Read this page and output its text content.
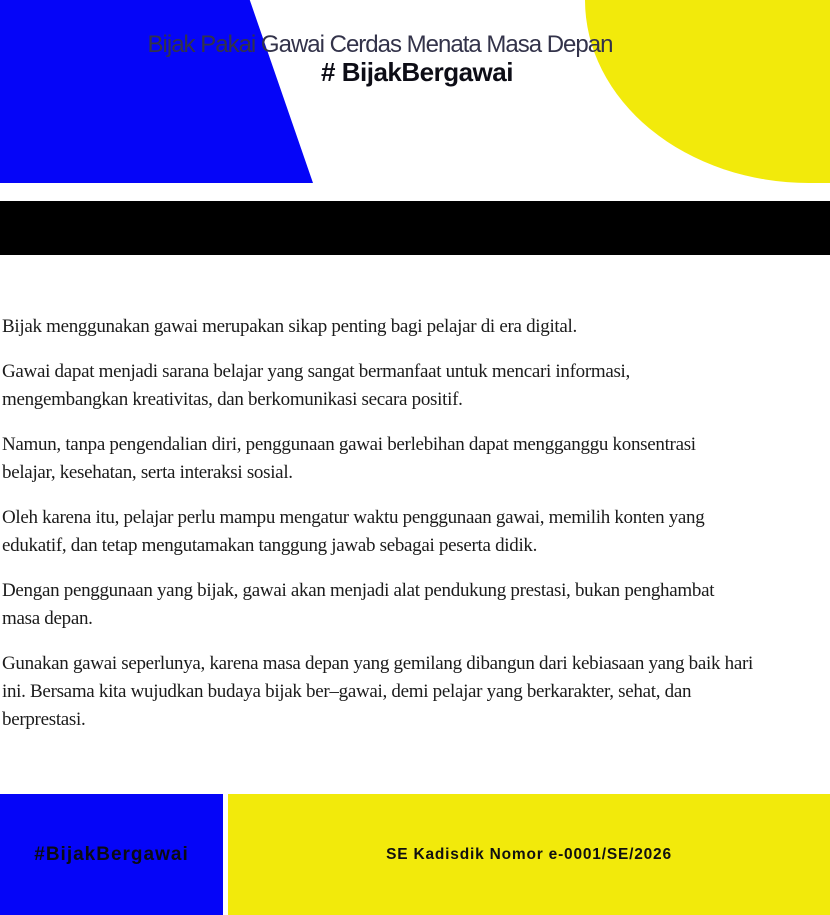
Bijak Pakai Gawai Cerdas Menata Masa Depan
# BijakBergawai
Bijak menggunakan gawai merupakan sikap penting bagi pelajar di era digital.
Gawai dapat menjadi sarana belajar yang sangat bermanfaat untuk mencari informasi,
mengembangkan kreativitas, dan berkomunikasi secara positif.
Namun, tanpa pengendalian diri, penggunaan gawai berlebihan dapat mengganggu konsentrasi
belajar, kesehatan, serta interaksi sosial.
Oleh karena itu, pelajar perlu mampu mengatur waktu penggunaan gawai, memilih konten yang
edukatif, dan tetap mengutamakan tanggung jawab sebagai peserta didik.
Dengan penggunaan yang bijak, gawai akan menjadi alat pendukung prestasi, bukan penghambat
masa depan.
Gunakan gawai seperlunya, karena masa depan yang gemilang dibangun dari kebiasaan yang baik hari
ini. Bersama kita wujudkan budaya bijak ber–gawai, demi pelajar yang berkarakter, sehat, dan
berprestasi.
#BijakBergawai	SE Kadisdik Nomor e-0001/SE/2026
